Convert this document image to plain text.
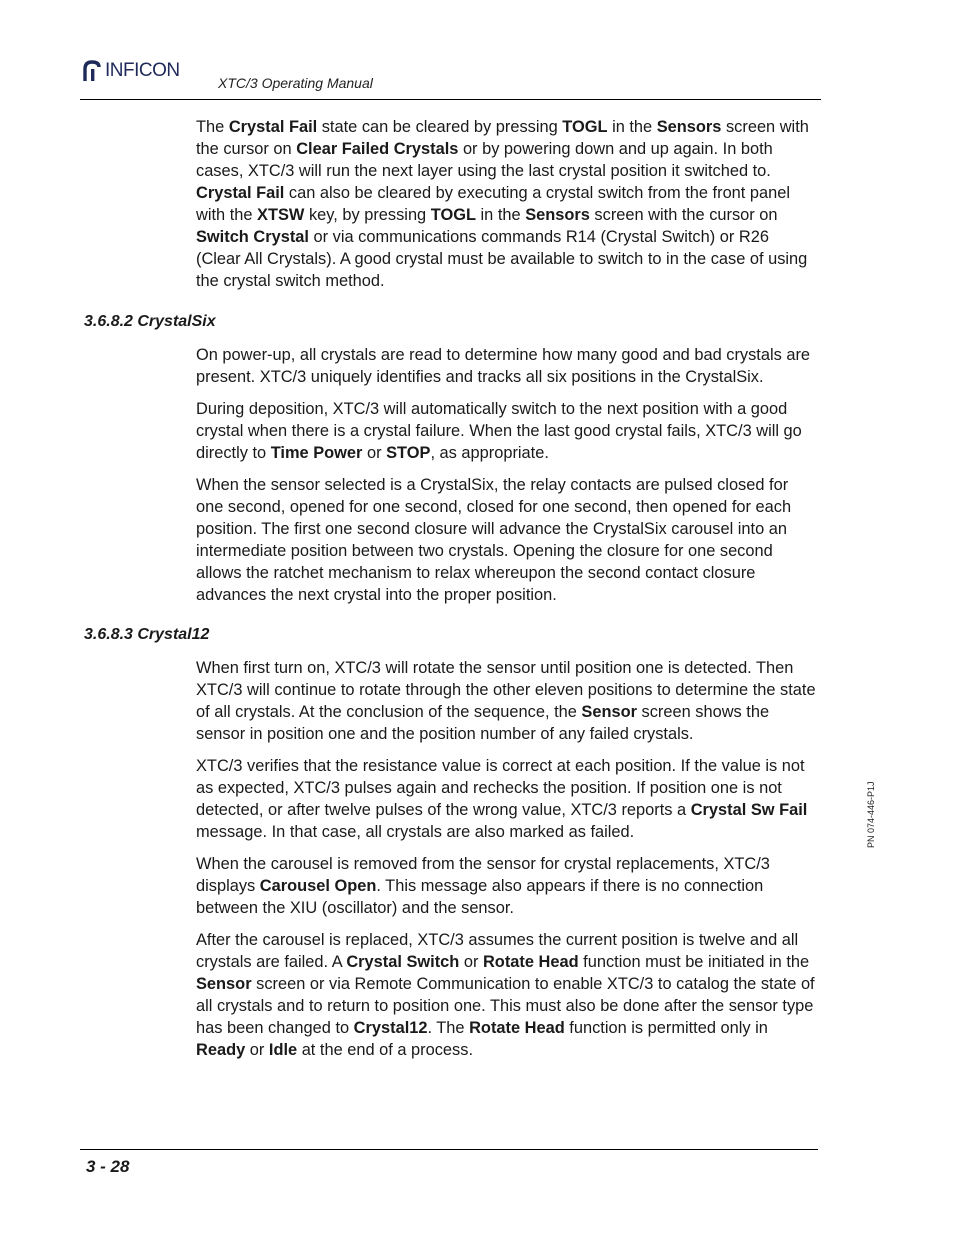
INFICON
XTC/3 Operating Manual

The Crystal Fail state can be cleared by pressing TOGL in the Sensors screen with the cursor on Clear Failed Crystals or by powering down and up again. In both cases, XTC/3 will run the next layer using the last crystal position it switched to. Crystal Fail can also be cleared by executing a crystal switch from the front panel with the XTSW key, by pressing TOGL in the Sensors screen with the cursor on Switch Crystal or via communications commands R14 (Crystal Switch) or R26 (Clear All Crystals). A good crystal must be available to switch to in the case of using the crystal switch method.

3.6.8.2 CrystalSix

On power-up, all crystals are read to determine how many good and bad crystals are present. XTC/3 uniquely identifies and tracks all six positions in the CrystalSix.

During deposition, XTC/3 will automatically switch to the next position with a good crystal when there is a crystal failure. When the last good crystal fails, XTC/3 will go directly to Time Power or STOP, as appropriate.

When the sensor selected is a CrystalSix, the relay contacts are pulsed closed for one second, opened for one second, closed for one second, then opened for each position. The first one second closure will advance the CrystalSix carousel into an intermediate position between two crystals. Opening the closure for one second allows the ratchet mechanism to relax whereupon the second contact closure advances the next crystal into the proper position.

3.6.8.3 Crystal12

When first turn on, XTC/3 will rotate the sensor until position one is detected. Then XTC/3 will continue to rotate through the other eleven positions to determine the state of all crystals. At the conclusion of the sequence, the Sensor screen shows the sensor in position one and the position number of any failed crystals.

XTC/3 verifies that the resistance value is correct at each position. If the value is not as expected, XTC/3 pulses again and rechecks the position. If position one is not detected, or after twelve pulses of the wrong value, XTC/3 reports a Crystal Sw Fail message. In that case, all crystals are also marked as failed.

When the carousel is removed from the sensor for crystal replacements, XTC/3 displays Carousel Open. This message also appears if there is no connection between the XIU (oscillator) and the sensor.

After the carousel is replaced, XTC/3 assumes the current position is twelve and all crystals are failed. A Crystal Switch or Rotate Head function must be initiated in the Sensor screen or via Remote Communication to enable XTC/3 to catalog the state of all crystals and to return to position one. This must also be done after the sensor type has been changed to Crystal12. The Rotate Head function is permitted only in Ready or Idle at the end of a process.

PN 074-446-P1J
3 - 28
